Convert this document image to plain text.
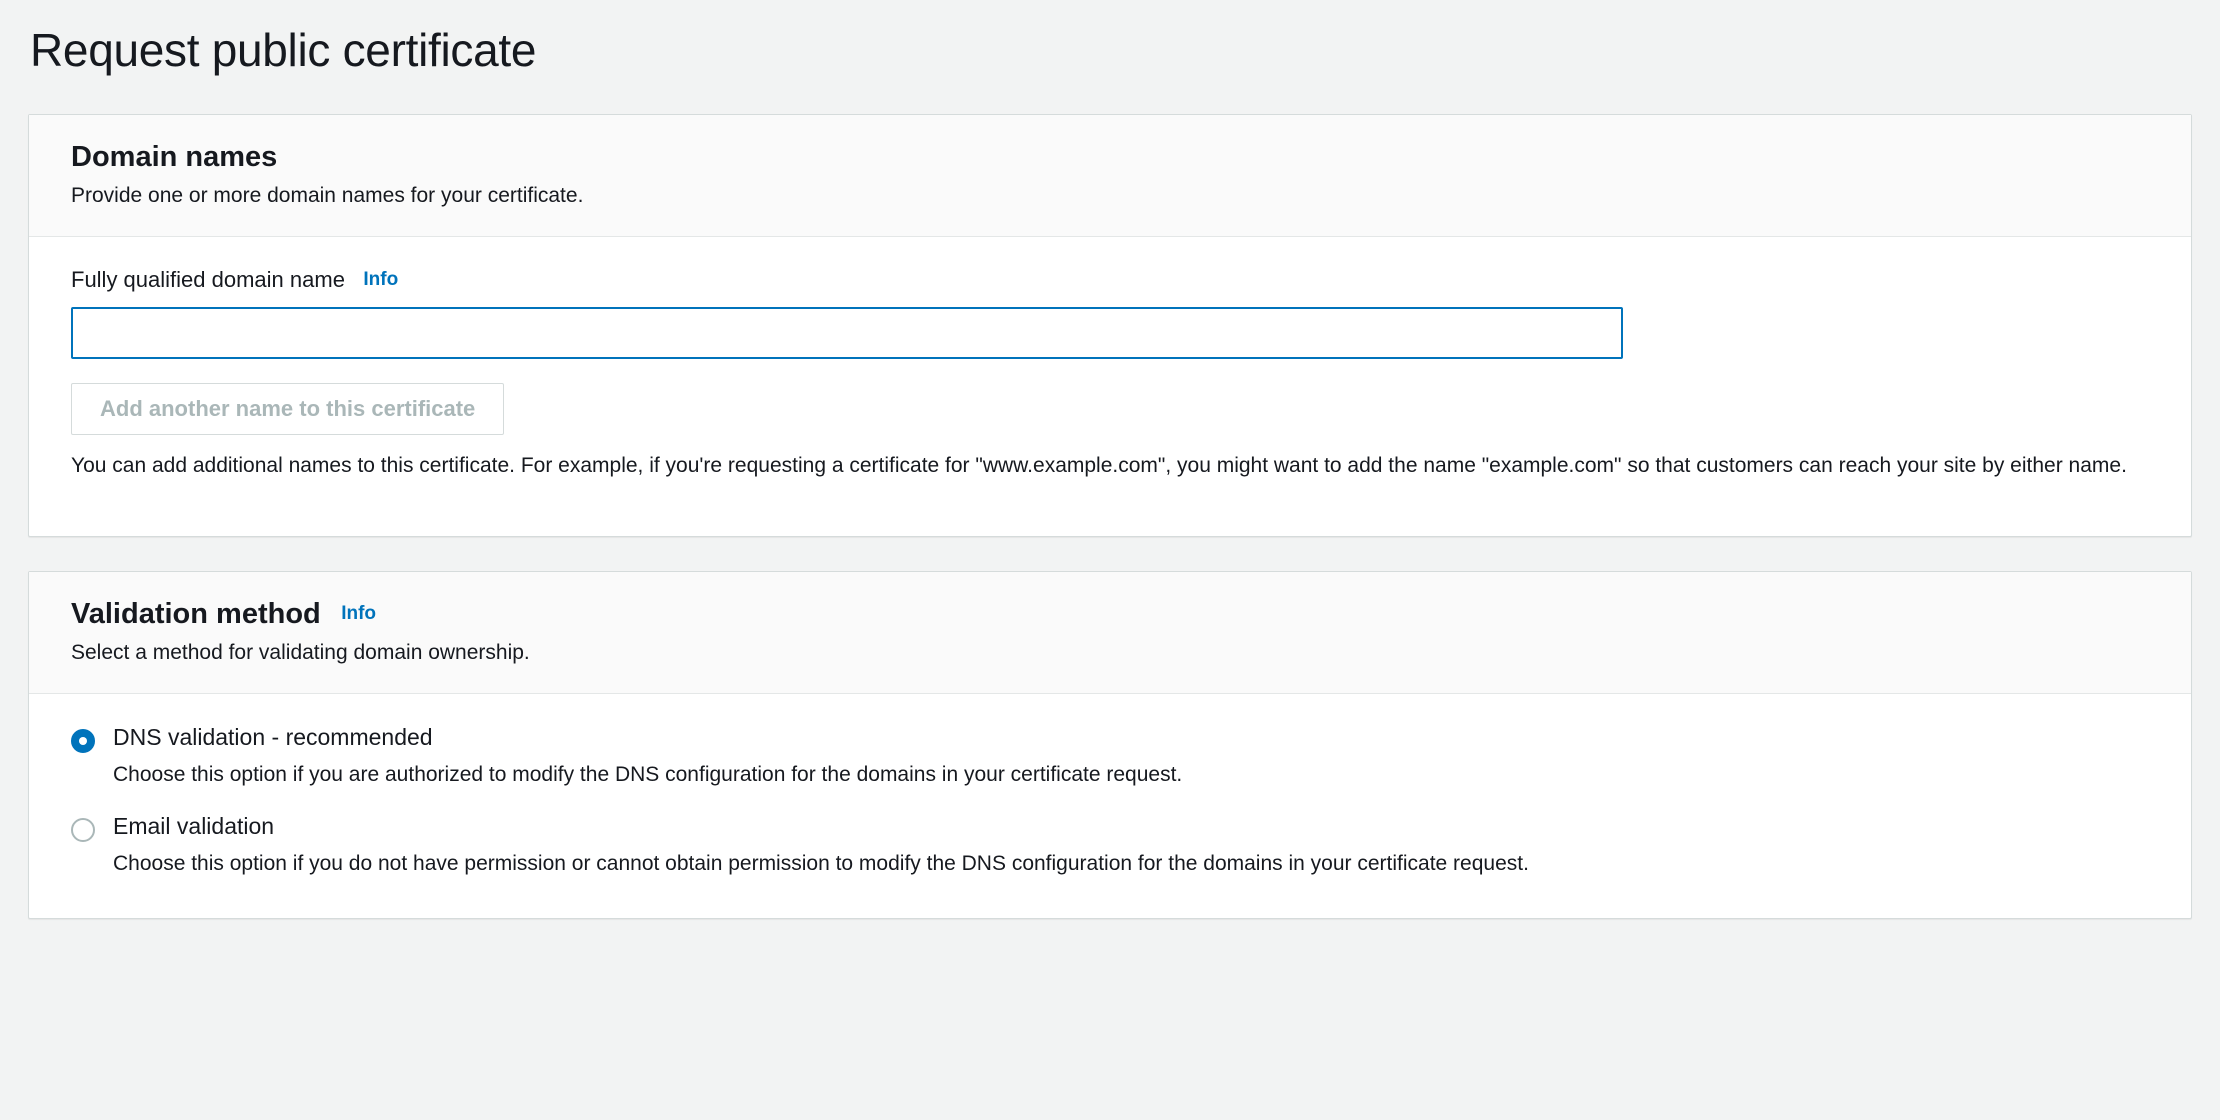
Request public certificate
Domain names

Provide one or more domain names for your certificate.

Fully qualified domain name Info
Add another name to this certificate

You can add additional names to this certificate. For example, if you're requesting a certificate for "www.example.com", you might want to add the name "example.com" so that customers can reach your site by either name.

Validation method Info

Select a method for validating domain ownership.

DNS validation - recommended
Choose this option if you are authorized to modify the DNS configuration for the domains in your certificate request.
Email validation
Choose this option if you do not have permission or cannot obtain permission to modify the DNS configuration for the domains in your certificate request.
